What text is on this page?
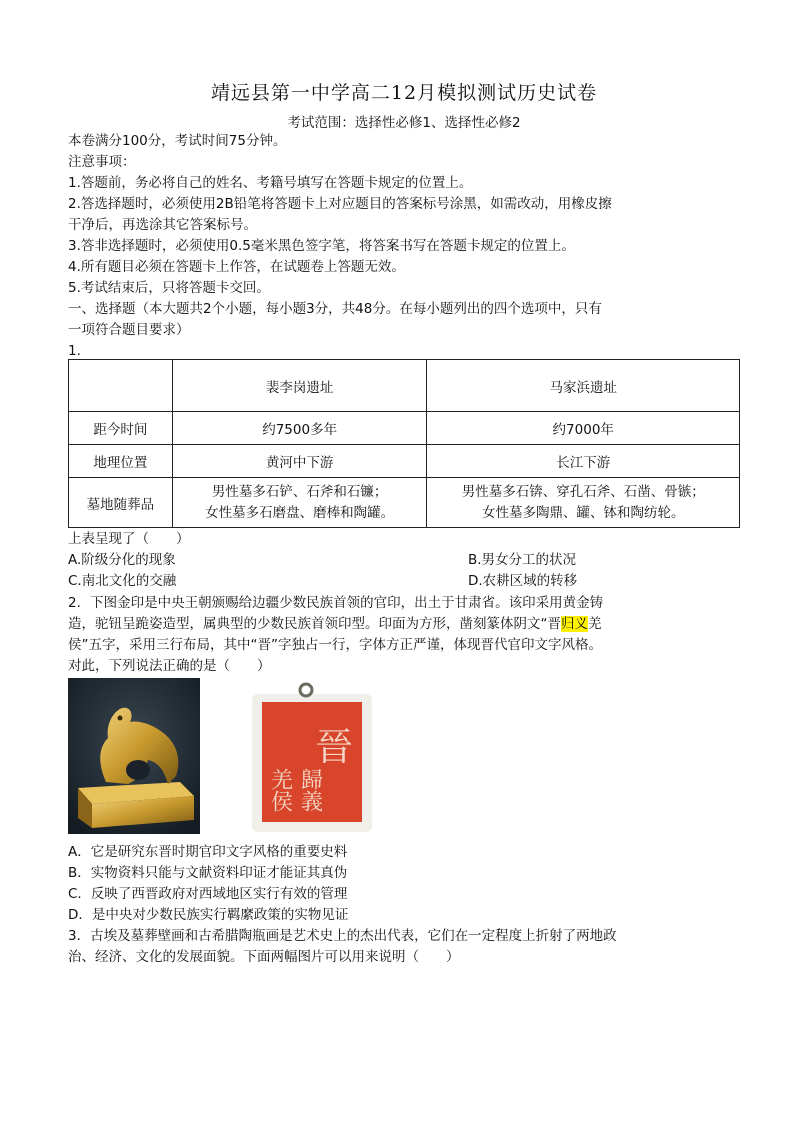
靖远县第一中学高二12月模拟测试历史试卷
考试范围：选择性必修1、选择性必修2
本卷满分100分，考试时间75分钟。
注意事项：
1.答题前，务必将自己的姓名、考籍号填写在答题卡规定的位置上。
2.答选择题时，必须使用2B铅笔将答题卡上对应题目的答案标号涂黑，如需改动，用橡皮擦
干净后，再选涂其它答案标号。
3.答非选择题时，必须使用0.5毫米黑色签字笔，将答案书写在答题卡规定的位置上。
4.所有题目必须在答题卡上作答，在试题卷上答题无效。
5.考试结束后，只将答题卡交回。
一、选择题（本大题共2个小题，每小题3分，共48分。在每小题列出的四个选项中，只有
一项符合题目要求）
1.
	裴李岗遗址	马家浜遗址
距今时间	约7500多年	约7000年
地理位置	黄河中下游	长江下游
墓地随葬品	男性墓多石铲、石斧和石镰；
女性墓多石磨盘、磨棒和陶罐。	男性墓多石锛、穿孔石斧、石凿、骨镞；
女性墓多陶鼎、罐、钵和陶纺轮。
上表呈现了（　　）
A.阶级分化的现象	B.男女分工的状况
C.南北文化的交融	D.农耕区域的转移
2．下图金印是中央王朝颁赐给边疆少数民族首领的官印，出土于甘肃省。该印采用黄金铸
造，驼钮呈跪姿造型，属典型的少数民族首领印型。印面为方形，凿刻篆体阴文“晋归义羌
侯”五字，采用三行布局，其中“晋”字独占一行，字体方正严谨，体现晋代官印文字风格。
对此，下列说法正确的是（　　）
晉
歸義
羌侯
A．它是研究东晋时期官印文字风格的重要史料
B．实物资料只能与文献资料印证才能证其真伪
C．反映了西晋政府对西域地区实行有效的管理
D．是中央对少数民族实行羁縻政策的实物见证
3．古埃及墓葬壁画和古希腊陶瓶画是艺术史上的杰出代表，它们在一定程度上折射了两地政
治、经济、文化的发展面貌。下面两幅图片可以用来说明（　　）
